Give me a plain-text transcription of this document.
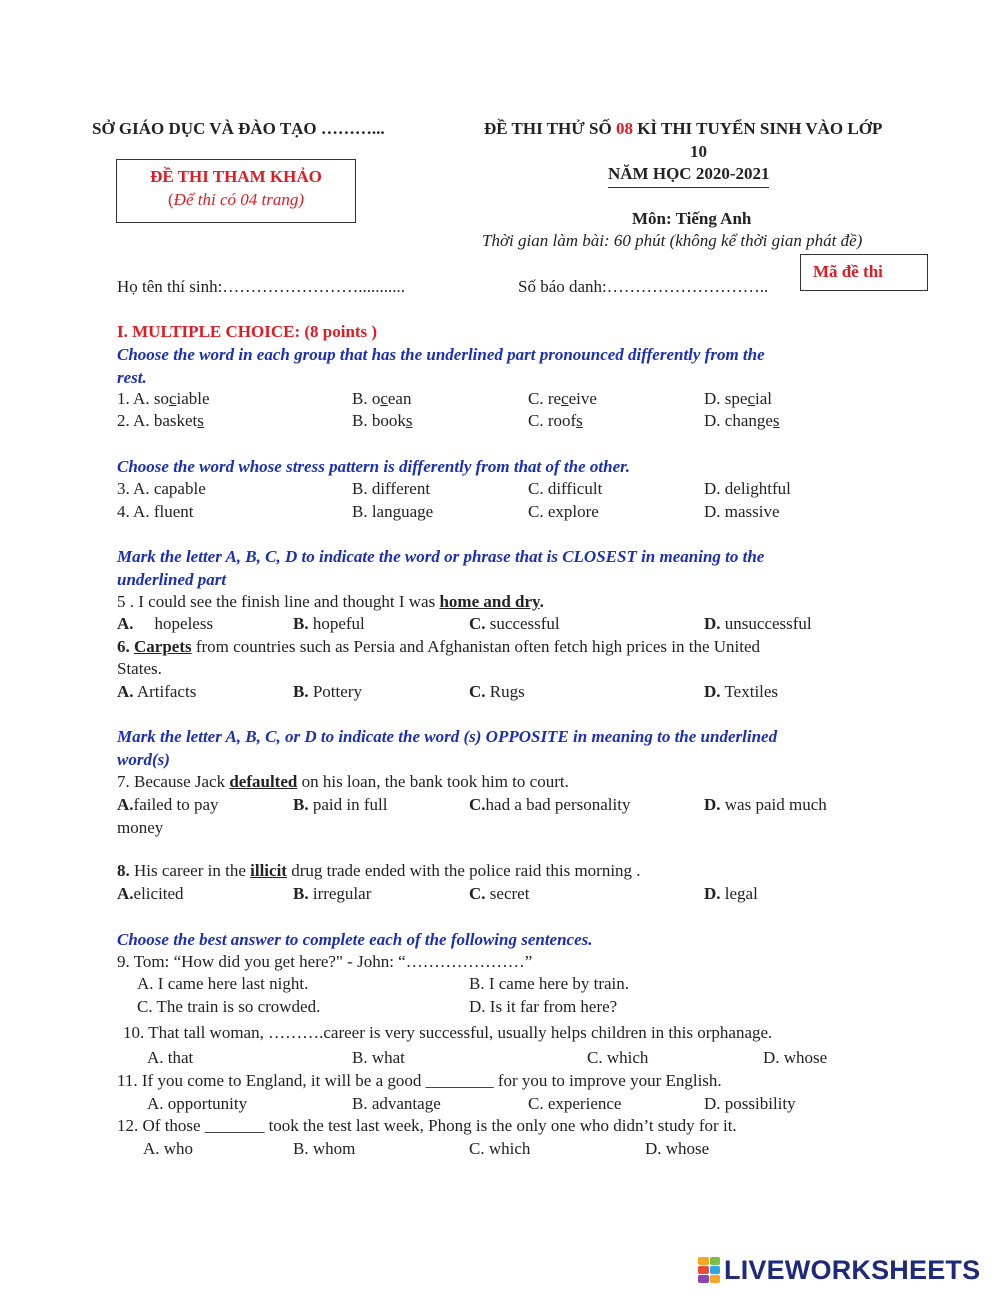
SỞ GIÁO DỤC VÀ ĐÀO TẠO ………...	ĐỀ THI THỬ SỐ 08 KÌ THI TUYỂN SINH VÀO LỚP
10
NĂM HỌC 2020-2021
ĐỀ THI THAM KHẢO
(Để thi có 04 trang)
Môn: Tiếng Anh
Thời gian làm bài: 60 phút (không kể thời gian phát đề)
Mã đề thi
Họ tên thí sinh:……………………...........	Số báo danh:………………………..
I. MULTIPLE CHOICE: (8 points )
Choose the word in each group that has the underlined part pronounced differently from the
rest.
1. A. sociable	B. ocean	C. receive	D. special
2. A. baskets	B. books	C. roofs	D. changes
Choose the word whose stress pattern is differently from that of the other.
3. A. capable	B. different	C. difficult	D. delightful
4. A. fluent	B. language	C. explore	D. massive
Mark the letter A, B, C, D to indicate the word or phrase that is CLOSEST in meaning to the
underlined part
5 . I could see the finish line and thought I was home and dry.
A. hopeless	B. hopeful	C. successful	D. unsuccessful
6. Carpets from countries such as Persia and Afghanistan often fetch high prices in the United
States.
A. Artifacts	B. Pottery	C. Rugs	D. Textiles
Mark the letter A, B, C, or D to indicate the word (s) OPPOSITE in meaning to the underlined
word(s)
7. Because Jack defaulted on his loan, the bank took him to court.
A.failed to pay	B. paid in full	C.had a bad personality	D. was paid much
money
8. His career in the illicit drug trade ended with the police raid this morning .
A.elicited	B. irregular	C. secret	D. legal
Choose the best answer to complete each of the following sentences.
9. Tom: “How did you get here?" - John: “…………………”
A. I came here last night.	B. I came here by train.
C. The train is so crowded.	D. Is it far from here?
10. That tall woman, ……….career is very successful, usually helps children in this orphanage.
A. that	B. what	C. which	D. whose
11. If you come to England, it will be a good ________ for you to improve your English.
A. opportunity	B. advantage	C. experience	D. possibility
12. Of those _______ took the test last week, Phong is the only one who didn’t study for it.
A. who	B. whom	C. which	D. whose
LIVEWORKSHEETS
